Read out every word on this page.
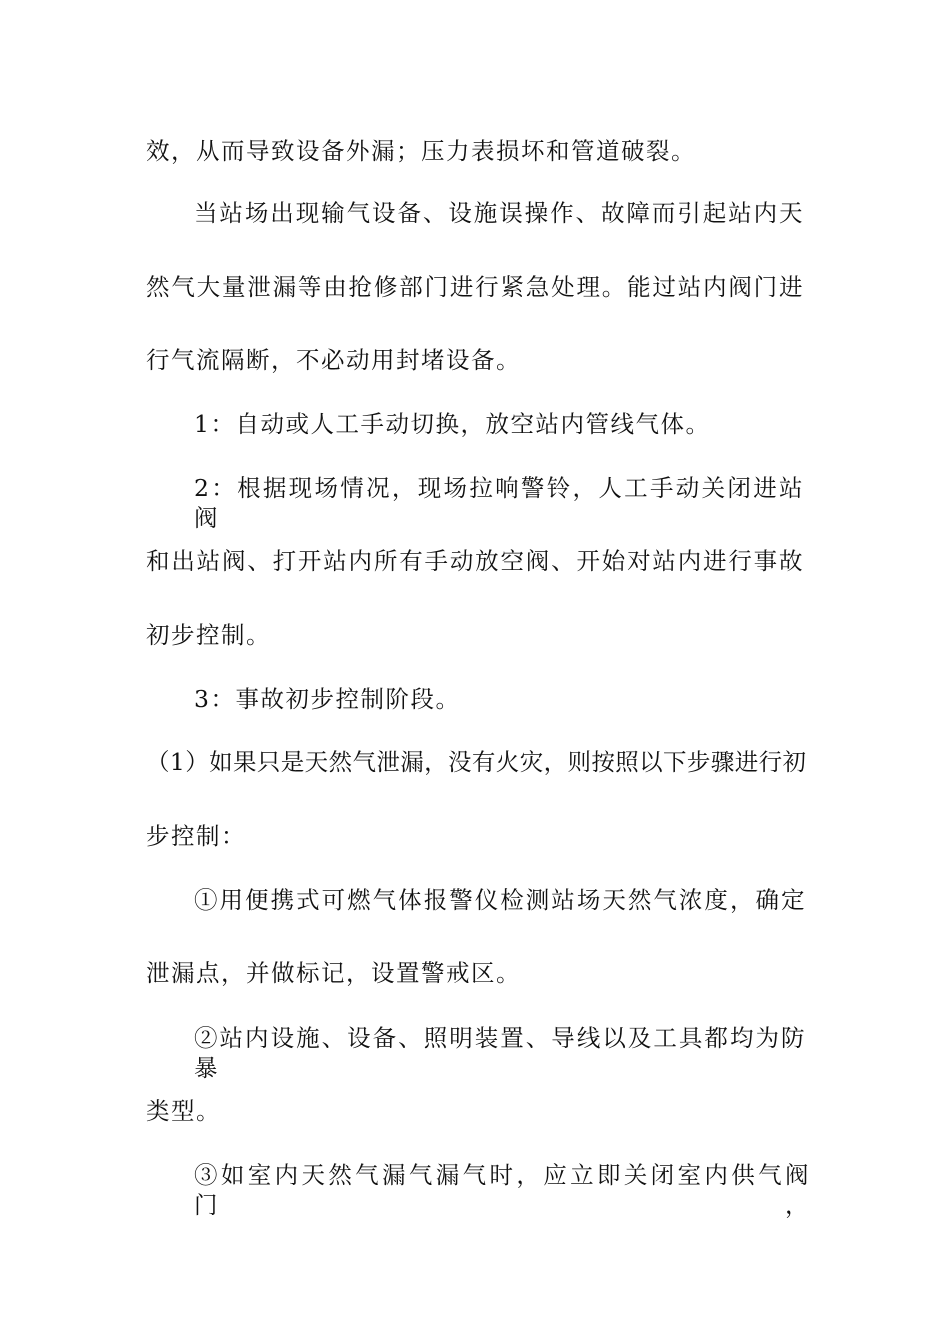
效，从而导致设备外漏；压力表损坏和管道破裂。
当站场出现输气设备、设施误操作、故障而引起站内天
然气大量泄漏等由抢修部门进行紧急处理。能过站内阀门进
行气流隔断，不必动用封堵设备。
1：自动或人工手动切换，放空站内管线气体。
2：根据现场情况，现场拉响警铃，人工手动关闭进站阀
和出站阀、打开站内所有手动放空阀、开始对站内进行事故
初步控制。
3：事故初步控制阶段。
（1）如果只是天然气泄漏，没有火灾，则按照以下步骤进行初
步控制：
①用便携式可燃气体报警仪检测站场天然气浓度，确定
泄漏点，并做标记，设置警戒区。
②站内设施、设备、照明装置、导线以及工具都均为防暴
类型。
③如室内天然气漏气漏气时，应立即关闭室内供气阀门，
